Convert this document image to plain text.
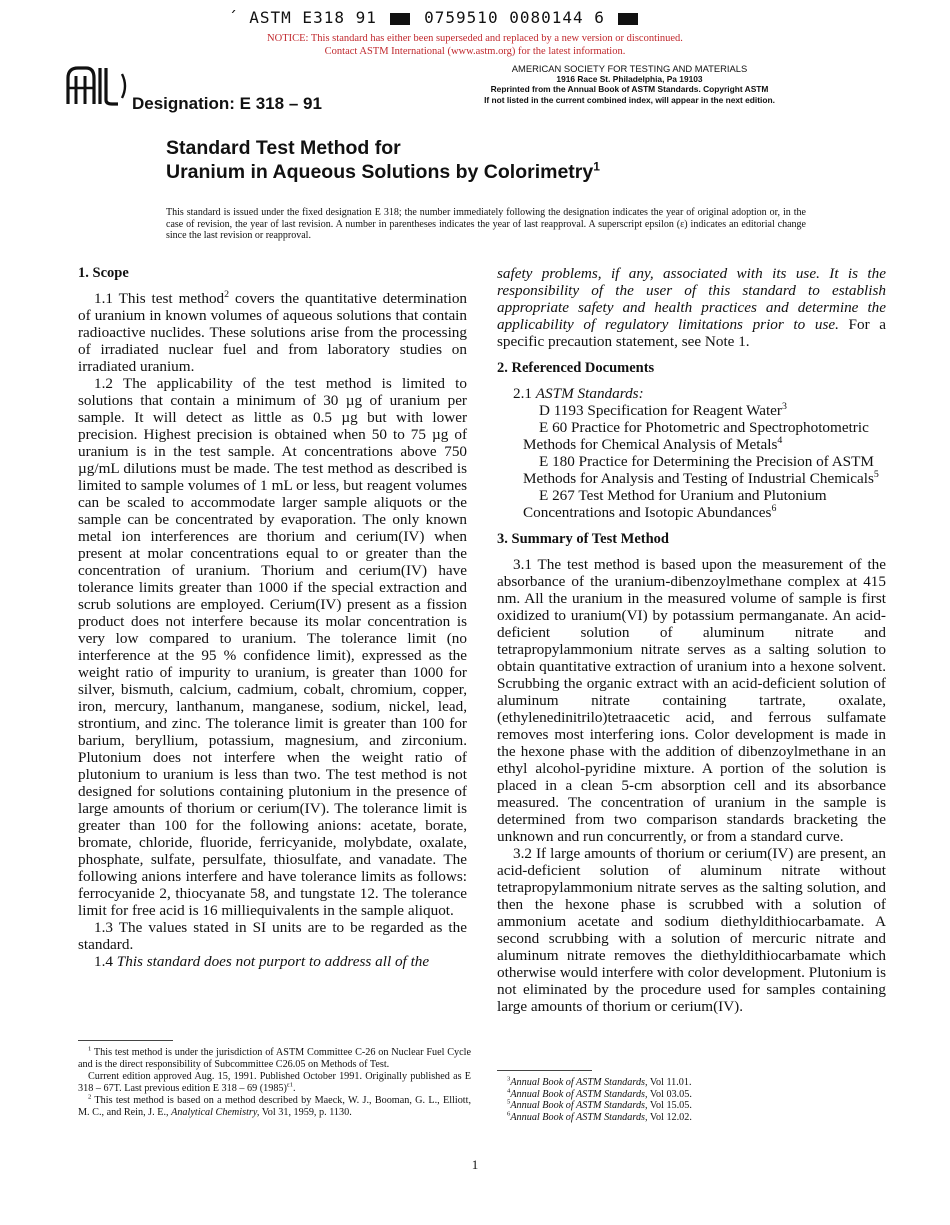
´ ASTM E318 91	0759510 0080144 6
NOTICE: This standard has either been superseded and replaced by a new version or discontinued.
Contact ASTM International (www.astm.org) for the latest information.
Designation: E 318 – 91
AMERICAN SOCIETY FOR TESTING AND MATERIALS
1916 Race St. Philadelphia, Pa 19103
Reprinted from the Annual Book of ASTM Standards. Copyright ASTM
If not listed in the current combined index, will appear in the next edition.
Standard Test Method for
Uranium in Aqueous Solutions by Colorimetry$^1$
This standard is issued under the fixed designation E 318; the number immediately following the designation indicates the year of original adoption or, in the case of revision, the year of last revision. A number in parentheses indicates the year of last reapproval. A superscript epsilon (ε) indicates an editorial change since the last revision or reapproval.
1. Scope

1.1 This test method$^2$ covers the quantitative determination of uranium in known volumes of aqueous solutions that contain radioactive nuclides. These solutions arise from the processing of irradiated nuclear fuel and from laboratory studies on irradiated uranium.

1.2 The applicability of the test method is limited to solutions that contain a minimum of 30 µg of uranium per sample. It will detect as little as 0.5 µg but with lower precision. Highest precision is obtained when 50 to 75 µg of uranium is in the test sample. At concentrations above 750 µg/mL dilutions must be made. The test method as described is limited to sample volumes of 1 mL or less, but reagent volumes can be scaled to accommodate larger sample aliquots or the sample can be concentrated by evaporation. The only known metal ion interferences are thorium and cerium(IV) when present at molar concentrations equal to or greater than the concentration of uranium. Thorium and cerium(IV) have tolerance limits greater than 1000 if the special extraction and scrub solutions are employed. Cerium(IV) present as a fission product does not interfere because its molar concentration is very low compared to uranium. The tolerance limit (no interference at the 95 % confidence limit), expressed as the weight ratio of impurity to uranium, is greater than 1000 for silver, bismuth, calcium, cadmium, cobalt, chromium, copper, iron, mercury, lanthanum, manganese, sodium, nickel, lead, strontium, and zinc. The tolerance limit is greater than 100 for barium, beryllium, potassium, magnesium, and zirconium. Plutonium does not interfere when the weight ratio of plutonium to uranium is less than two. The test method is not designed for solutions containing plutonium in the presence of large amounts of thorium or cerium(IV). The tolerance limit is greater than 100 for the following anions: acetate, borate, bromate, chloride, fluoride, ferricyanide, molybdate, oxalate, phosphate, sulfate, persulfate, thiosulfate, and vanadate. The following anions interfere and have tolerance limits as follows: ferrocyanide 2, thiocyanate 58, and tungstate 12. The tolerance limit for free acid is 16 milliequivalents in the sample aliquot.

1.3 The values stated in SI units are to be regarded as the standard.

1.4 This standard does not purport to address all of the

safety problems, if any, associated with its use. It is the responsibility of the user of this standard to establish appropriate safety and health practices and determine the applicability of regulatory limitations prior to use. For a specific precaution statement, see Note 1.

2. Referenced Documents

2.1 ASTM Standards:

D 1193 Specification for Reagent Water$^3$

E 60 Practice for Photometric and Spectrophotometric Methods for Chemical Analysis of Metals$^4$

E 180 Practice for Determining the Precision of ASTM Methods for Analysis and Testing of Industrial Chemicals$^5$

E 267 Test Method for Uranium and Plutonium Concentrations and Isotopic Abundances$^6$

3. Summary of Test Method

3.1 The test method is based upon the measurement of the absorbance of the uranium-dibenzoylmethane complex at 415 nm. All the uranium in the measured volume of sample is first oxidized to uranium(VI) by potassium permanganate. An acid-deficient solution of aluminum nitrate and tetrapropylammonium nitrate serves as a salting solution to obtain quantitative extraction of uranium into a hexone solvent. Scrubbing the organic extract with an acid-deficient solution of aluminum nitrate containing tartrate, oxalate, (ethylenedinitrilo)tetraacetic acid, and ferrous sulfamate removes most interfering ions. Color development is made in the hexone phase with the addition of dibenzoylmethane in an ethyl alcohol-pyridine mixture. A portion of the solution is placed in a clean 5-cm absorption cell and its absorbance measured. The concentration of uranium in the sample is determined from two comparison standards bracketing the unknown and run concurrently, or from a standard curve.

3.2 If large amounts of thorium or cerium(IV) are present, an acid-deficient solution of aluminum nitrate without tetrapropylammonium nitrate serves as the salting solution, and then the hexone phase is scrubbed with a solution of ammonium acetate and sodium diethyldithiocarbamate. A second scrubbing with a solution of mercuric nitrate and aluminum nitrate removes the diethyldithiocarbamate which otherwise would interfere with color development. Plutonium is not eliminated by the procedure used for samples containing large amounts of thorium or cerium(IV).

$^1$ This test method is under the jurisdiction of ASTM Committee C-26 on Nuclear Fuel Cycle and is the direct responsibility of Subcommittee C26.05 on Methods of Test.

Current edition approved Aug. 15, 1991. Published October 1991. Originally published as E 318 – 67T. Last previous edition E 318 – 69 $(1985)^{\varepsilon 1}$.

$^2$ This test method is based on a method described by Maeck, W. J., Booman, G. L., Elliott, M. C., and Rein, J. E., Analytical Chemistry, Vol 31, 1959, p. 1130.

$^3$Annual Book of ASTM Standards, Vol 11.01.

$^4$Annual Book of ASTM Standards, Vol 03.05.

$^5$Annual Book of ASTM Standards, Vol 15.05.

$^6$Annual Book of ASTM Standards, Vol 12.02.

1
